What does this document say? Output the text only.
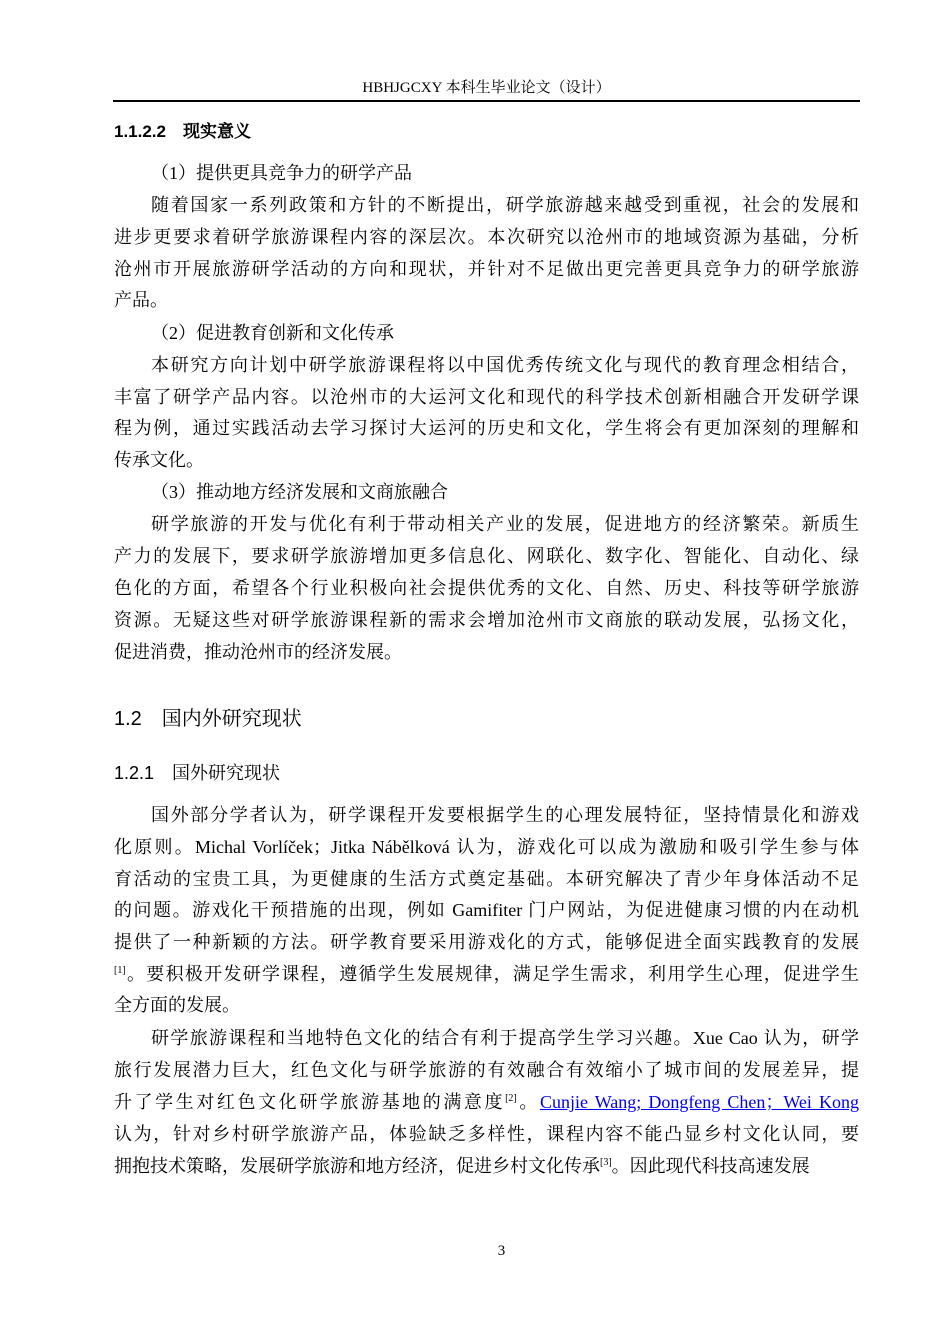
HBHJGCXY 本科生毕业论文（设计）
1.1.2.2　现实意义
（1）提供更具竞争力的研学产品
随着国家一系列政策和方针的不断提出，研学旅游越来越受到重视，社会的发展和
进步更要求着研学旅游课程内容的深层次。本次研究以沧州市的地域资源为基础，分析
沧州市开展旅游研学活动的方向和现状，并针对不足做出更完善更具竞争力的研学旅游
产品。
（2）促进教育创新和文化传承
本研究方向计划中研学旅游课程将以中国优秀传统文化与现代的教育理念相结合，
丰富了研学产品内容。以沧州市的大运河文化和现代的科学技术创新相融合开发研学课
程为例，通过实践活动去学习探讨大运河的历史和文化，学生将会有更加深刻的理解和
传承文化。
（3）推动地方经济发展和文商旅融合
研学旅游的开发与优化有利于带动相关产业的发展，促进地方的经济繁荣。新质生
产力的发展下，要求研学旅游增加更多信息化、网联化、数字化、智能化、自动化、绿
色化的方面，希望各个行业积极向社会提供优秀的文化、自然、历史、科技等研学旅游
资源。无疑这些对研学旅游课程新的需求会增加沧州市文商旅的联动发展，弘扬文化，
促进消费，推动沧州市的经济发展。
1.2　国内外研究现状
1.2.1　国外研究现状
国外部分学者认为，研学课程开发要根据学生的心理发展特征，坚持情景化和游戏
化原则。Michal Vorlíček；Jitka Nábělková 认为，游戏化可以成为激励和吸引学生参与体
育活动的宝贵工具，为更健康的生活方式奠定基础。本研究解决了青少年身体活动不足
的问题。游戏化干预措施的出现，例如 Gamifiter 门户网站，为促进健康习惯的内在动机
提供了一种新颖的方法。研学教育要采用游戏化的方式，能够促进全面实践教育的发展
[1]。要积极开发研学课程，遵循学生发展规律，满足学生需求，利用学生心理，促进学生
全方面的发展。
研学旅游课程和当地特色文化的结合有利于提高学生学习兴趣。Xue Cao 认为，研学
旅行发展潜力巨大，红色文化与研学旅游的有效融合有效缩小了城市间的发展差异，提
升了学生对红色文化研学旅游基地的满意度[2]。Cunjie Wang; Dongfeng Chen；Wei Kong
认为，针对乡村研学旅游产品，体验缺乏多样性，课程内容不能凸显乡村文化认同，要
拥抱技术策略，发展研学旅游和地方经济，促进乡村文化传承[3]。因此现代科技高速发展
3
